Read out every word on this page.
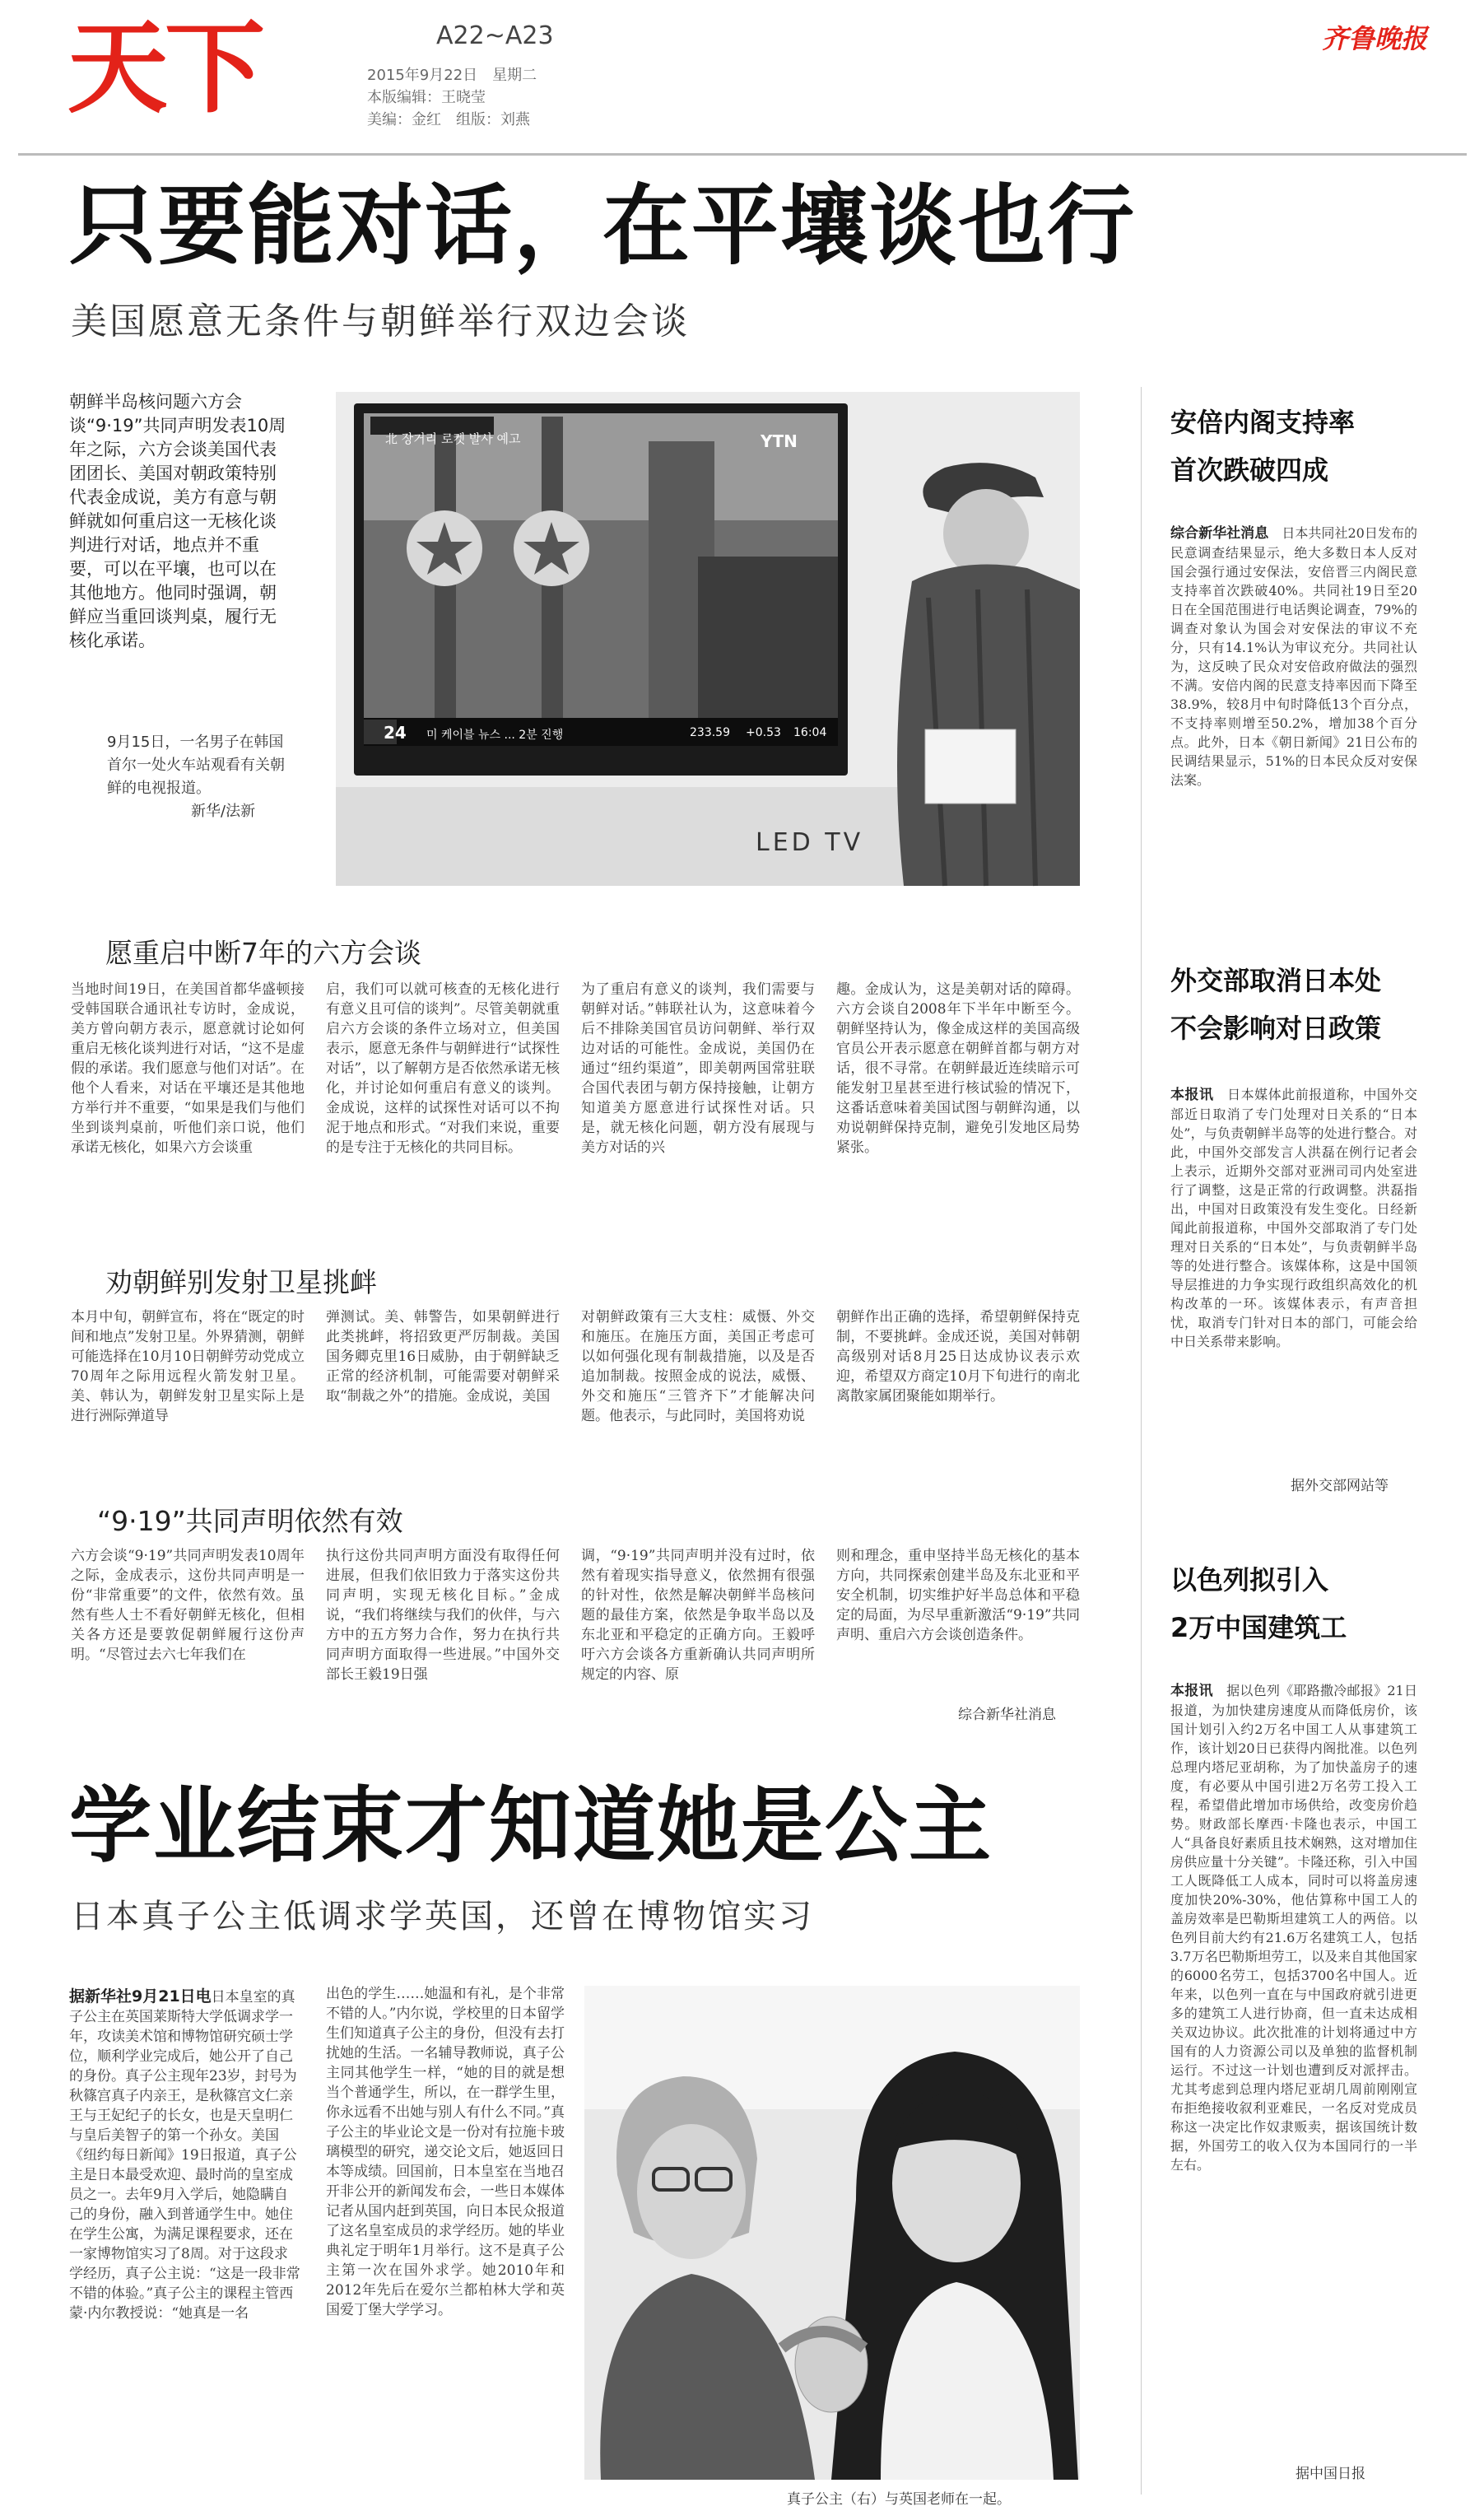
天下	A22~A23
2015年9月22日　星期二
本版编辑：王晓莹
美编：金红　组版：刘燕
齐鲁晚报
只要能对话，在平壤谈也行
美国愿意无条件与朝鲜举行双边会谈
朝鲜半岛核问题六方会谈“9·19”共同声明发表10周年之际，六方会谈美国代表团团长、美国对朝政策特别代表金成说，美方有意与朝鲜就如何重启这一无核化谈判进行对话，地点并不重要，可以在平壤，也可以在其他地方。他同时强调，朝鲜应当重回谈判桌，履行无核化承诺。
9月15日，一名男子在韩国首尔一处火车站观看有关朝鲜的电视报道。
新华/法新
YTN
北 장거리 로켓 발사 예고
24 미 케이블 뉴스 ... 2분 진행	233.59 +0.53 16:04
LED TV
愿重启中断7年的六方会谈
当地时间19日，在美国首都华盛顿接受韩国联合通讯社专访时，金成说，美方曾向朝方表示，愿意就讨论如何重启无核化谈判进行对话，“这不是虚假的承诺。我们愿意与他们对话”。在他个人看来，对话在平壤还是其他地方举行并不重要，“如果是我们与他们坐到谈判桌前，听他们亲口说，他们承诺无核化，如果六方会谈重
启，我们可以就可核查的无核化进行有意义且可信的谈判”。尽管美朝就重启六方会谈的条件立场对立，但美国表示，愿意无条件与朝鲜进行“试探性对话”，以了解朝方是否依然承诺无核化，并讨论如何重启有意义的谈判。金成说，这样的试探性对话可以不拘泥于地点和形式。“对我们来说，重要的是专注于无核化的共同目标。
为了重启有意义的谈判，我们需要与朝鲜对话。”韩联社认为，这意味着今后不排除美国官员访问朝鲜、举行双边对话的可能性。金成说，美国仍在通过“纽约渠道”，即美朝两国常驻联合国代表团与朝方保持接触，让朝方知道美方愿意进行试探性对话。只是，就无核化问题，朝方没有展现与美方对话的兴
趣。金成认为，这是美朝对话的障碍。六方会谈自2008年下半年中断至今。朝鲜坚持认为，像金成这样的美国高级官员公开表示愿意在朝鲜首都与朝方对话，很不寻常。在朝鲜最近连续暗示可能发射卫星甚至进行核试验的情况下，这番话意味着美国试图与朝鲜沟通，以劝说朝鲜保持克制，避免引发地区局势紧张。
劝朝鲜别发射卫星挑衅
本月中旬，朝鲜宣布，将在“既定的时间和地点”发射卫星。外界猜测，朝鲜可能选择在10月10日朝鲜劳动党成立70周年之际用远程火箭发射卫星。美、韩认为，朝鲜发射卫星实际上是进行洲际弹道导
弹测试。美、韩警告，如果朝鲜进行此类挑衅，将招致更严厉制裁。美国国务卿克里16日威胁，由于朝鲜缺乏正常的经济机制，可能需要对朝鲜采取“制裁之外”的措施。金成说，美国
对朝鲜政策有三大支柱：威慑、外交和施压。在施压方面，美国正考虑可以如何强化现有制裁措施，以及是否追加制裁。按照金成的说法，威慑、外交和施压“三管齐下”才能解决问题。他表示，与此同时，美国将劝说
朝鲜作出正确的选择，希望朝鲜保持克制，不要挑衅。金成还说，美国对韩朝高级别对话8月25日达成协议表示欢迎，希望双方商定10月下旬进行的南北离散家属团聚能如期举行。
“9·19”共同声明依然有效
六方会谈“9·19”共同声明发表10周年之际，金成表示，这份共同声明是一份“非常重要”的文件，依然有效。虽然有些人士不看好朝鲜无核化，但相关各方还是要敦促朝鲜履行这份声明。“尽管过去六七年我们在
执行这份共同声明方面没有取得任何进展，但我们依旧致力于落实这份共同声明，实现无核化目标。”金成说，“我们将继续与我们的伙伴，与六方中的五方努力合作，努力在执行共同声明方面取得一些进展。”中国外交部长王毅19日强
调，“9·19”共同声明并没有过时，依然有着现实指导意义，依然拥有很强的针对性，依然是解决朝鲜半岛核问题的最佳方案，依然是争取半岛以及东北亚和平稳定的正确方向。王毅呼吁六方会谈各方重新确认共同声明所规定的内容、原
则和理念，重申坚持半岛无核化的基本方向，共同探索创建半岛及东北亚和平安全机制，切实维护好半岛总体和平稳定的局面，为尽早重新激活“9·19”共同声明、重启六方会谈创造条件。
综合新华社消息
学业结束才知道她是公主
日本真子公主低调求学英国，还曾在博物馆实习
据新华社9月21日电日本皇室的真子公主在英国莱斯特大学低调求学一年，攻读美术馆和博物馆研究硕士学位，顺利学业完成后，她公开了自己的身份。真子公主现年23岁，封号为秋篠宫真子内亲王，是秋篠宫文仁亲王与王妃纪子的长女，也是天皇明仁与皇后美智子的第一个孙女。美国《纽约每日新闻》19日报道，真子公主是日本最受欢迎、最时尚的皇室成员之一。去年9月入学后，她隐瞒自己的身份，融入到普通学生中。她住在学生公寓，为满足课程要求，还在一家博物馆实习了8周。对于这段求学经历，真子公主说：“这是一段非常不错的体验。”真子公主的课程主管西蒙·内尔教授说：“她真是一名
出色的学生……她温和有礼，是个非常不错的人。”内尔说，学校里的日本留学生们知道真子公主的身份，但没有去打扰她的生活。一名辅导教师说，真子公主同其他学生一样，“她的目的就是想当个普通学生，所以，在一群学生里，你永远看不出她与别人有什么不同。”真子公主的毕业论文是一份对有拉施卡玻璃模型的研究，递交论文后，她返回日本等成绩。回国前，日本皇室在当地召开非公开的新闻发布会，一些日本媒体记者从国内赶到英国，向日本民众报道了这名皇室成员的求学经历。她的毕业典礼定于明年1月举行。这不是真子公主第一次在国外求学。她2010年和2012年先后在爱尔兰都柏林大学和英国爱丁堡大学学习。
真子公主（右）与英国老师在一起。
安倍内阁支持率
首次跌破四成
综合新华社消息　 日本共同社20日发布的民意调查结果显示，绝大多数日本人反对国会强行通过安保法，安倍晋三内阁民意支持率首次跌破40%。共同社19日至20日在全国范围进行电话舆论调查，79%的调查对象认为国会对安保法的审议不充分，只有14.1%认为审议充分。共同社认为，这反映了民众对安倍政府做法的强烈不满。安倍内阁的民意支持率因而下降至38.9%，较8月中旬时降低13个百分点，不支持率则增至50.2%，增加38个百分点。此外，日本《朝日新闻》21日公布的民调结果显示，51%的日本民众反对安保法案。
外交部取消日本处
不会影响对日政策
本报讯　 日本媒体此前报道称，中国外交部近日取消了专门处理对日关系的“日本处”，与负责朝鲜半岛等的处进行整合。对此，中国外交部发言人洪磊在例行记者会上表示，近期外交部对亚洲司司内处室进行了调整，这是正常的行政调整。洪磊指出，中国对日政策没有发生变化。日经新闻此前报道称，中国外交部取消了专门处理对日关系的“日本处”，与负责朝鲜半岛等的处进行整合。该媒体称，这是中国领导层推进的力争实现行政组织高效化的机构改革的一环。该媒体表示，有声音担忧，取消专门针对日本的部门，可能会给中日关系带来影响。
据外交部网站等
以色列拟引入
2万中国建筑工
本报讯　 据以色列《耶路撒冷邮报》21日报道，为加快建房速度从而降低房价，该国计划引入约2万名中国工人从事建筑工作，该计划20日已获得内阁批准。以色列总理内塔尼亚胡称，为了加快盖房子的速度，有必要从中国引进2万名劳工投入工程，希望借此增加市场供给，改变房价趋势。财政部长摩西·卡隆也表示，中国工人“具备良好素质且技术娴熟，这对增加住房供应量十分关键”。卡隆还称，引入中国工人既降低工人成本，同时可以将盖房速度加快20%-30%，他估算称中国工人的盖房效率是巴勒斯坦建筑工人的两倍。以色列目前大约有21.6万名建筑工人，包括3.7万名巴勒斯坦劳工，以及来自其他国家的6000名劳工，包括3700名中国人。近年来，以色列一直在与中国政府就引进更多的建筑工人进行协商，但一直未达成相关双边协议。此次批准的计划将通过中方国有的人力资源公司以及单独的监督机制运行。不过这一计划也遭到反对派抨击。尤其考虑到总理内塔尼亚胡几周前刚刚宣布拒绝接收叙利亚难民，一名反对党成员称这一决定比作奴隶贩卖，据该国统计数据，外国劳工的收入仅为本国同行的一半左右。
据中国日报
